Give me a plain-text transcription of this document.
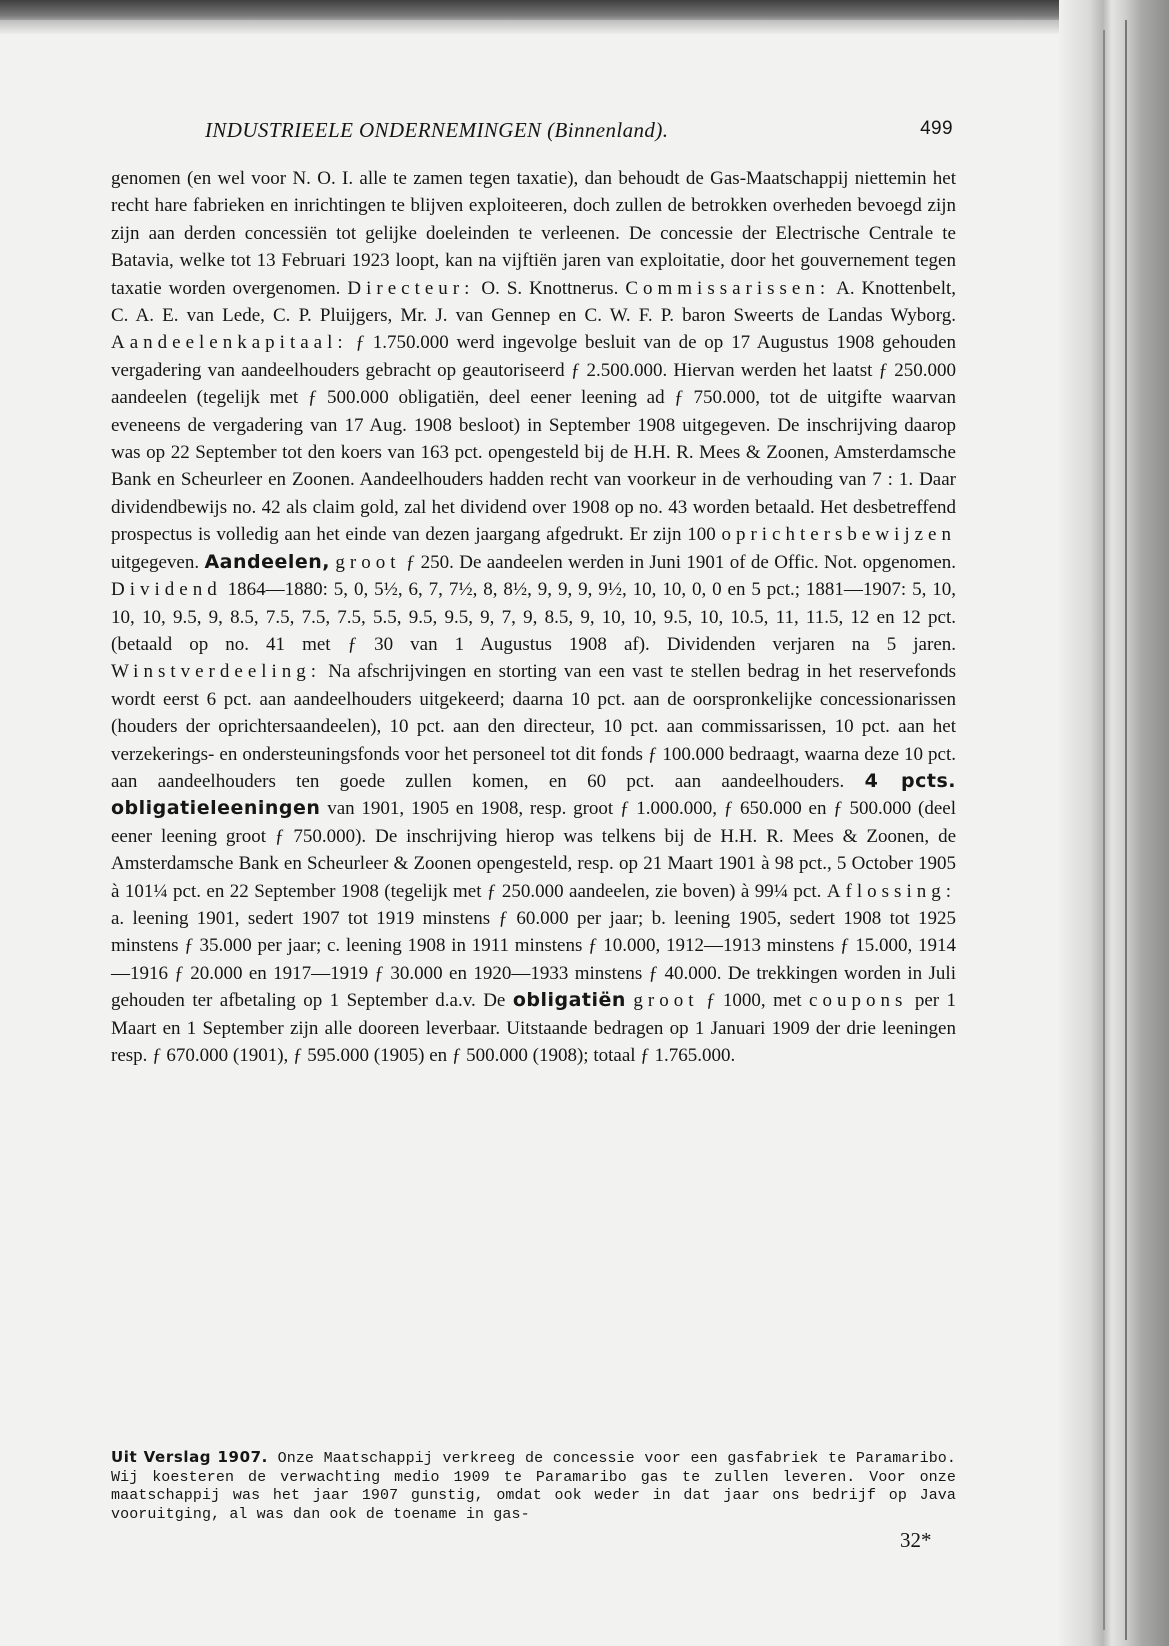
INDUSTRIEELE ONDERNEMINGEN (Binnenland).	499
genomen (en wel voor N. O. I. alle te zamen tegen taxatie), dan behoudt de Gas-Maatschappij niettemin het recht hare fabrieken en inrichtingen te blijven exploiteeren, doch zullen de betrokken overheden bevoegd zijn zijn aan derden concessiën tot gelijke doeleinden te verleenen. De concessie der Electrische Centrale te Batavia, welke tot 13 Februari 1923 loopt, kan na vijftiën jaren van exploitatie, door het gouvernement tegen taxatie worden overgenomen. Directeur: O. S. Knottnerus. Commissarissen: A. Knottenbelt, C. A. E. van Lede, C. P. Pluijgers, Mr. J. van Gennep en C. W. F. P. baron Sweerts de Landas Wyborg. Aandeelenkapitaal: ƒ 1.750.000 werd ingevolge besluit van de op 17 Augustus 1908 gehouden vergadering van aandeelhouders gebracht op geautoriseerd ƒ 2.500.000. Hiervan werden het laatst ƒ 250.000 aandeelen (tegelijk met ƒ 500.000 obligatiën, deel eener leening ad ƒ 750.000, tot de uitgifte waarvan eveneens de vergadering van 17 Aug. 1908 besloot) in September 1908 uitgegeven. De inschrijving daarop was op 22 September tot den koers van 163 pct. opengesteld bij de H.H. R. Mees & Zoonen, Amsterdamsche Bank en Scheurleer en Zoonen. Aandeelhouders hadden recht van voorkeur in de verhouding van 7 : 1. Daar dividendbewijs no. 42 als claim gold, zal het dividend over 1908 op no. 43 worden betaald. Het desbetreffend prospectus is volledig aan het einde van dezen jaargang afgedrukt. Er zijn 100 oprichtersbewijzen uitgegeven. Aandeelen, groot ƒ 250. De aandeelen werden in Juni 1901 of de Offic. Not. opgenomen. Dividend 1864—1880: 5, 0, 5½, 6, 7, 7½, 8, 8½, 9, 9, 9, 9½, 10, 10, 0, 0 en 5 pct.; 1881—1907: 5, 10, 10, 10, 9.5, 9, 8.5, 7.5, 7.5, 7.5, 5.5, 9.5, 9.5, 9, 7, 9, 8.5, 9, 10, 10, 9.5, 10, 10.5, 11, 11.5, 12 en 12 pct. (betaald op no. 41 met ƒ 30 van 1 Augustus 1908 af). Dividenden verjaren na 5 jaren. Winstverdeeling: Na afschrijvingen en storting van een vast te stellen bedrag in het reservefonds wordt eerst 6 pct. aan aandeelhouders uitgekeerd; daarna 10 pct. aan de oorspronkelijke concessionarissen (houders der oprichtersaandeelen), 10 pct. aan den directeur, 10 pct. aan commissarissen, 10 pct. aan het verzekerings- en ondersteuningsfonds voor het personeel tot dit fonds ƒ 100.000 bedraagt, waarna deze 10 pct. aan aandeelhouders ten goede zullen komen, en 60 pct. aan aandeelhouders. 4 pcts. obligatieleeningen van 1901, 1905 en 1908, resp. groot ƒ 1.000.000, ƒ 650.000 en ƒ 500.000 (deel eener leening groot ƒ 750.000). De inschrijving hierop was telkens bij de H.H. R. Mees & Zoonen, de Amsterdamsche Bank en Scheurleer & Zoonen opengesteld, resp. op 21 Maart 1901 à 98 pct., 5 October 1905 à 101¼ pct. en 22 September 1908 (tegelijk met ƒ 250.000 aandeelen, zie boven) à 99¼ pct. Aflossing: a. leening 1901, sedert 1907 tot 1919 minstens ƒ 60.000 per jaar; b. leening 1905, sedert 1908 tot 1925 minstens ƒ 35.000 per jaar; c. leening 1908 in 1911 minstens ƒ 10.000, 1912—1913 minstens ƒ 15.000, 1914—1916 ƒ 20.000 en 1917—1919 ƒ 30.000 en 1920—1933 minstens ƒ 40.000. De trekkingen worden in Juli gehouden ter afbetaling op 1 September d.a.v. De obligatiën groot ƒ 1000, met coupons per 1 Maart en 1 September zijn alle dooreen leverbaar. Uitstaande bedragen op 1 Januari 1909 der drie leeningen resp. ƒ 670.000 (1901), ƒ 595.000 (1905) en ƒ 500.000 (1908); totaal ƒ 1.765.000.
Uit Verslag 1907. Onze Maatschappij verkreeg de concessie voor een gasfabriek te Paramaribo. Wij koesteren de verwachting medio 1909 te Paramaribo gas te zullen leveren. Voor onze maatschappij was het jaar 1907 gunstig, omdat ook weder in dat jaar ons bedrijf op Java vooruitging, al was dan ook de toename in gas-
32*
